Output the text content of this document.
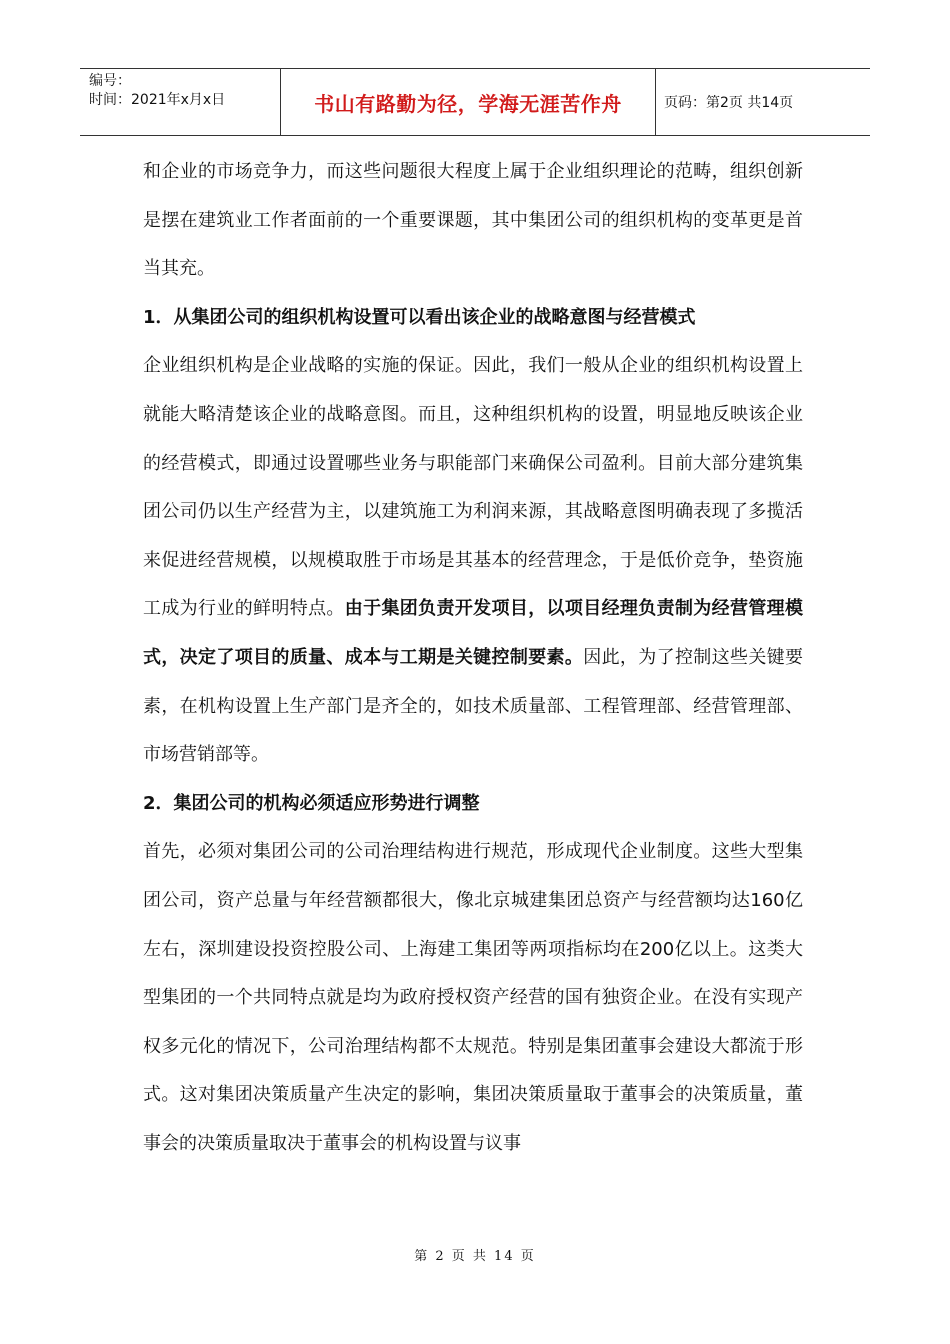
编号：
时间：2021年x月x日	书山有路勤为径，学海无涯苦作舟	页码：第2页 共14页

和企业的市场竞争力，而这些问题很大程度上属于企业组织理论的范畴，组织创新是摆在建筑业工作者面前的一个重要课题，其中集团公司的组织机构的变革更是首当其充。

1．从集团公司的组织机构设置可以看出该企业的战略意图与经营模式

企业组织机构是企业战略的实施的保证。因此，我们一般从企业的组织机构设置上就能大略清楚该企业的战略意图。而且，这种组织机构的设置，明显地反映该企业的经营模式，即通过设置哪些业务与职能部门来确保公司盈利。目前大部分建筑集团公司仍以生产经营为主，以建筑施工为利润来源，其战略意图明确表现了多揽活来促进经营规模，以规模取胜于市场是其基本的经营理念，于是低价竞争，垫资施工成为行业的鲜明特点。由于集团负责开发项目，以项目经理负责制为经营管理模式，决定了项目的质量、成本与工期是关键控制要素。因此，为了控制这些关键要素，在机构设置上生产部门是齐全的，如技术质量部、工程管理部、经营管理部、市场营销部等。

2．集团公司的机构必须适应形势进行调整

首先，必须对集团公司的公司治理结构进行规范，形成现代企业制度。这些大型集团公司，资产总量与年经营额都很大，像北京城建集团总资产与经营额均达160亿左右，深圳建设投资控股公司、上海建工集团等两项指标均在200亿以上。这类大型集团的一个共同特点就是均为政府授权资产经营的国有独资企业。在没有实现产权多元化的情况下，公司治理结构都不太规范。特别是集团董事会建设大都流于形式。这对集团决策质量产生决定的影响，集团决策质量取于董事会的决策质量，董事会的决策质量取决于董事会的机构设置与议事

第 2 页 共 14 页
